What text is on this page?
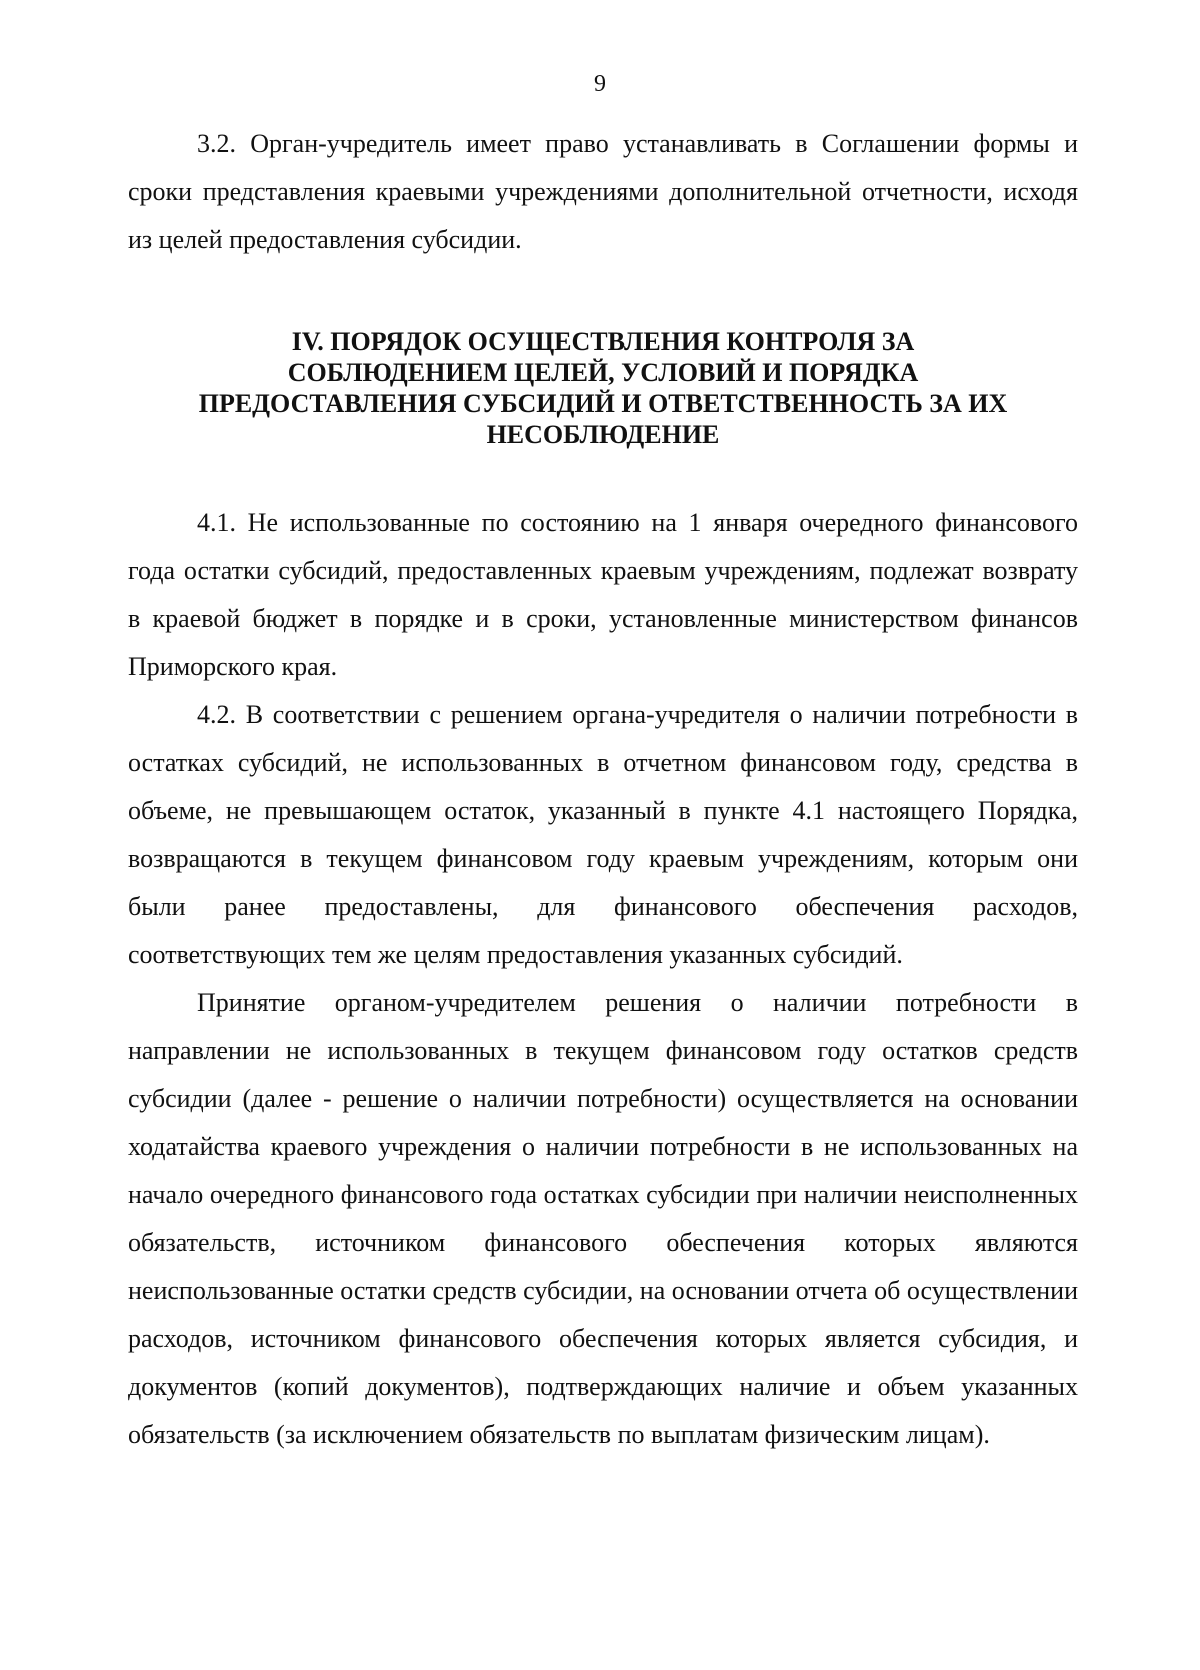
9

3.2. Орган-учредитель имеет право устанавливать в Соглашении формы и сроки представления краевыми учреждениями дополнительной отчетности, исходя из целей предоставления субсидии.

IV. ПОРЯДОК ОСУЩЕСТВЛЕНИЯ КОНТРОЛЯ ЗА
СОБЛЮДЕНИЕМ ЦЕЛЕЙ, УСЛОВИЙ И ПОРЯДКА
ПРЕДОСТАВЛЕНИЯ СУБСИДИЙ И ОТВЕТСТВЕННОСТЬ ЗА ИХ
НЕСОБЛЮДЕНИЕ

4.1. Не использованные по состоянию на 1 января очередного финансового года остатки субсидий, предоставленных краевым учреждениям, подлежат возврату в краевой бюджет в порядке и в сроки, установленные министерством финансов Приморского края.

4.2. В соответствии с решением органа-учредителя о наличии потребности в остатках субсидий, не использованных в отчетном финансовом году, средства в объеме, не превышающем остаток, указанный в пункте 4.1 настоящего Порядка, возвращаются в текущем финансовом году краевым учреждениям, которым они были ранее предоставлены, для финансового обеспечения расходов, соответствующих тем же целям предоставления указанных субсидий.

Принятие органом-учредителем решения о наличии потребности в направлении не использованных в текущем финансовом году остатков средств субсидии (далее - решение о наличии потребности) осуществляется на основании ходатайства краевого учреждения о наличии потребности в не использованных на начало очередного финансового года остатках субсидии при наличии неисполненных обязательств, источником финансового обеспечения которых являются неиспользованные остатки средств субсидии, на основании отчета об осуществлении расходов, источником финансового обеспечения которых является субсидия, и документов (копий документов), подтверждающих наличие и объем указанных обязательств (за исключением обязательств по выплатам физическим лицам).
